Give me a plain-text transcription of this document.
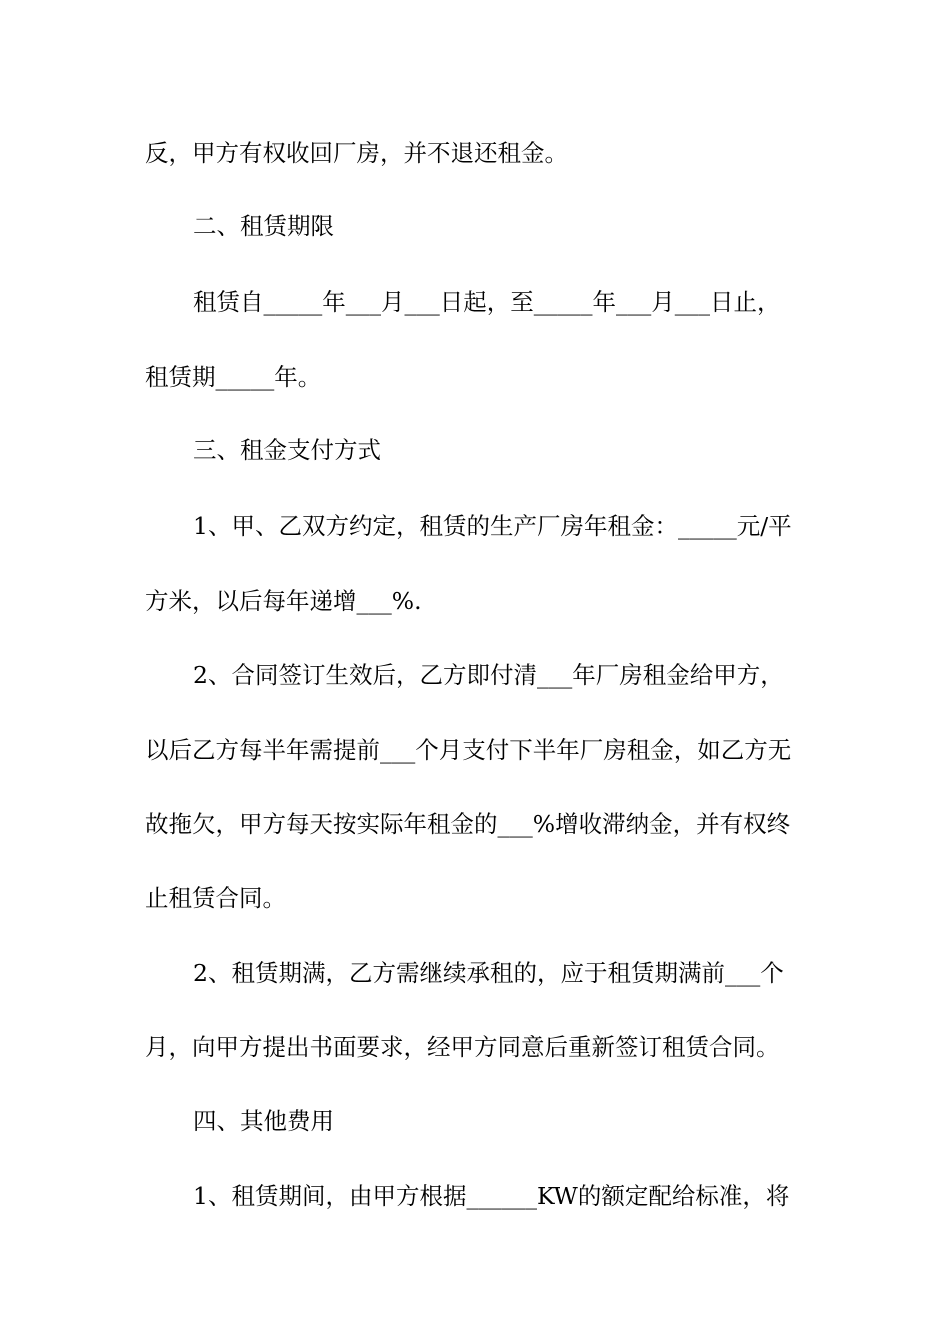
反，甲方有权收回厂房，并不退还租金。

二、租赁期限

租赁自_____年___月___日起，至_____年___月___日止，

租赁期_____年。

三、租金支付方式

1、甲、乙双方约定，租赁的生产厂房年租金：_____元/平

方米，以后每年递增___%.

2、合同签订生效后，乙方即付清___年厂房租金给甲方，

以后乙方每半年需提前___个月支付下半年厂房租金，如乙方无

故拖欠，甲方每天按实际年租金的___%增收滞纳金，并有权终

止租赁合同。

2、租赁期满，乙方需继续承租的，应于租赁期满前___个

月，向甲方提出书面要求，经甲方同意后重新签订租赁合同。

四、其他费用

1、租赁期间，由甲方根据______KW的额定配给标准，将
